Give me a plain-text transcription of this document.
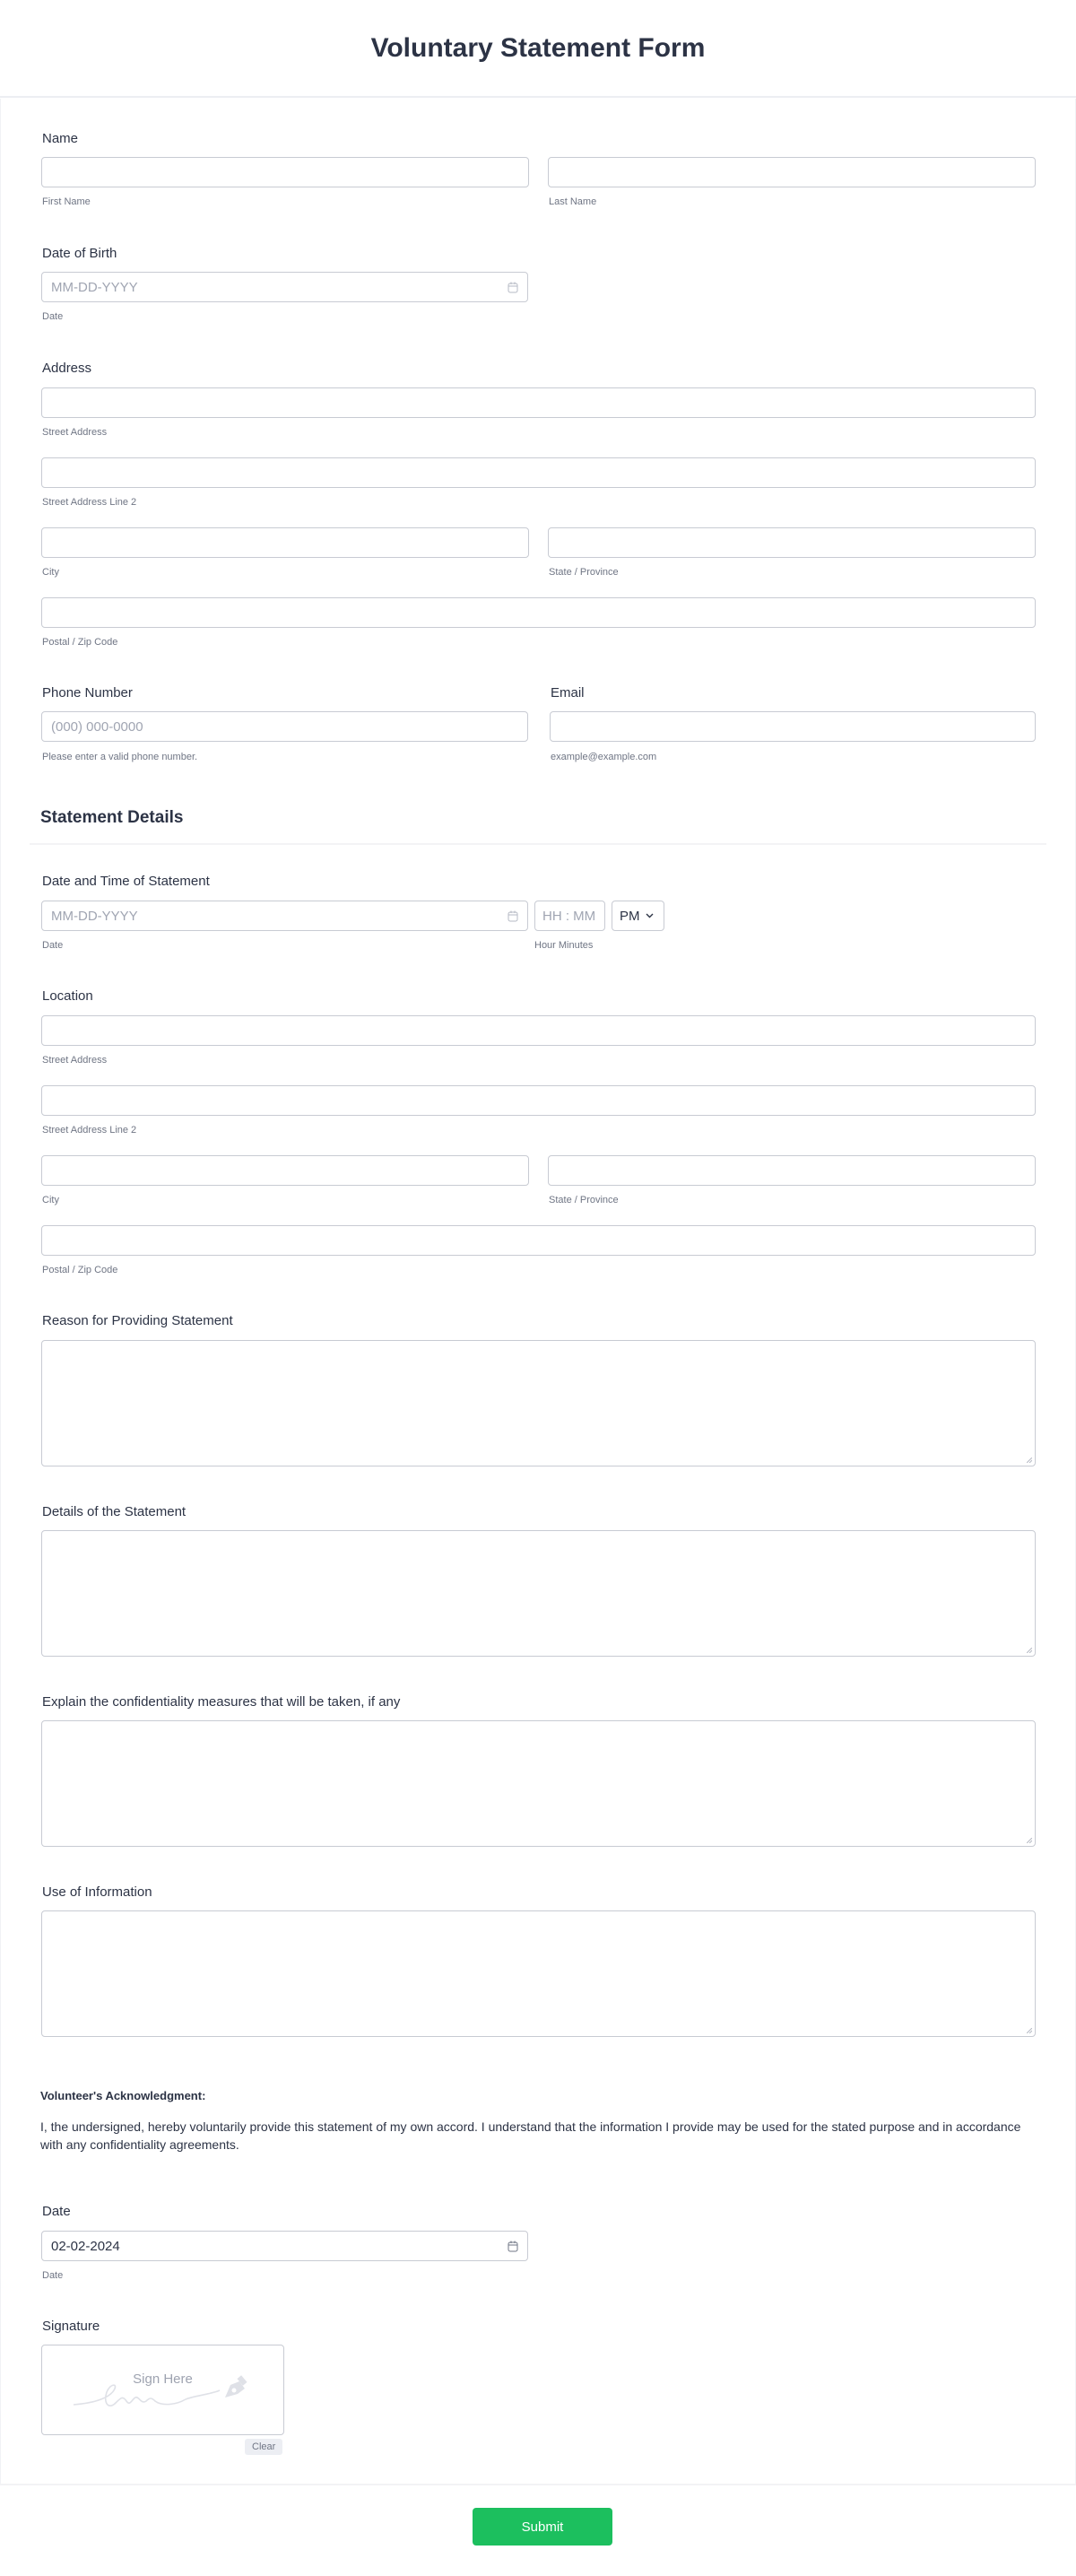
Voluntary Statement Form
Name
First Name	Last Name
Date of Birth
MM-DD-YYYY
Date
Address
Street Address
Street Address Line 2
City	State / Province
Postal / Zip Code
Phone Number	Email
(000) 000-0000
Please enter a valid phone number.	example@example.com
Statement Details
Date and Time of Statement
MM-DD-YYYY	HH : MM PM
Date	Hour Minutes
Location
Street Address
Street Address Line 2
City	State / Province
Postal / Zip Code
Reason for Providing Statement
Details of the Statement
Explain the confidentiality measures that will be taken, if any
Use of Information
Volunteer's Acknowledgment:
I, the undersigned, hereby voluntarily provide this statement of my own accord. I understand that the information I provide may be used for the stated purpose and in accordance with any confidentiality agreements.
Date
02-02-2024
Date
Signature
Sign Here
Clear
Submit
